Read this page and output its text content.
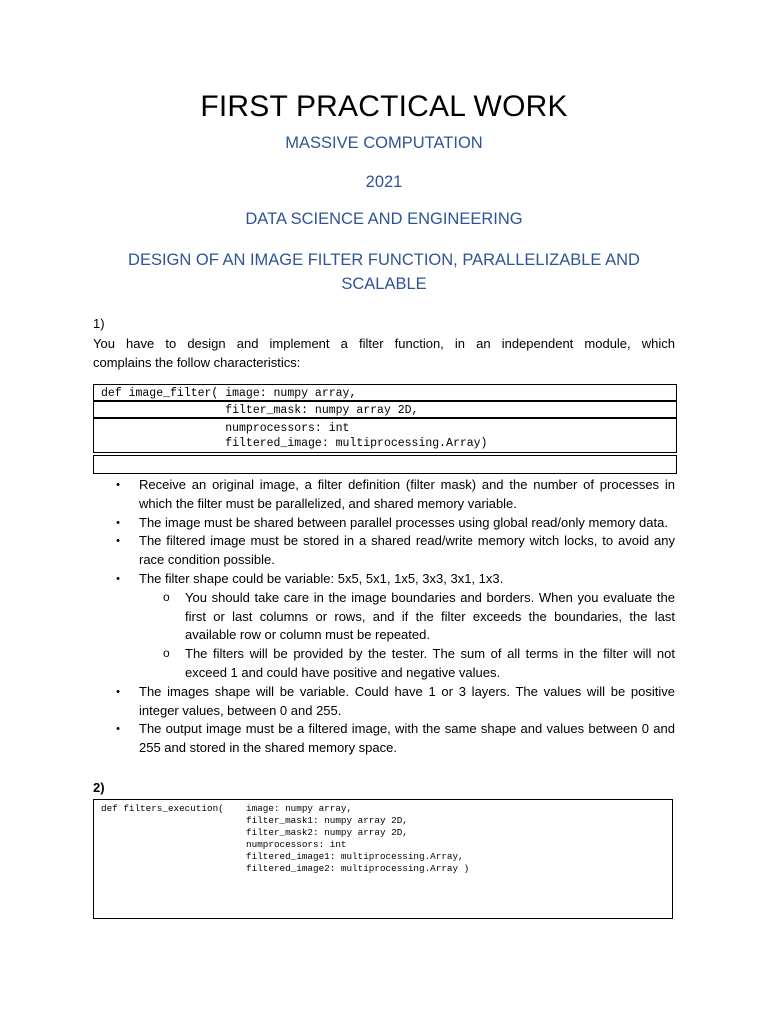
FIRST PRACTICAL WORK
MASSIVE COMPUTATION
2021
DATA SCIENCE AND ENGINEERING
DESIGN OF AN IMAGE FILTER FUNCTION, PARALLELIZABLE AND SCALABLE
1)
You have to design and implement a filter function, in an independent module, which
complains the follow characteristics:
def image_filter( image: numpy array,
filter_mask: numpy array 2D,
numprocessors: int
filtered_image: multiprocessing.Array)
• Receive an original image, a filter definition (filter mask) and the number of processes in which the filter must be parallelized, and shared memory variable.
• The image must be shared between parallel processes using global read/only memory data.
• The filtered image must be stored in a shared read/write memory witch locks, to avoid any race condition possible.
• The filter shape could be variable: 5x5, 5x1, 1x5, 3x3, 3x1, 1x3.
o You should take care in the image boundaries and borders. When you evaluate the first or last columns or rows, and if the filter exceeds the boundaries, the last available row or column must be repeated.
o The filters will be provided by the tester. The sum of all terms in the filter will not exceed 1 and could have positive and negative values.
• The images shape will be variable. Could have 1 or 3 layers. The values will be positive integer values, between 0 and 255.
• The output image must be a filtered image, with the same shape and values between 0 and 255 and stored in the shared memory space.
2)
def filters_execution(    image: numpy array,
filter_mask1: numpy array 2D,
filter_mask2: numpy array 2D,
numprocessors: int
filtered_image1: multiprocessing.Array,
filtered_image2: multiprocessing.Array )
